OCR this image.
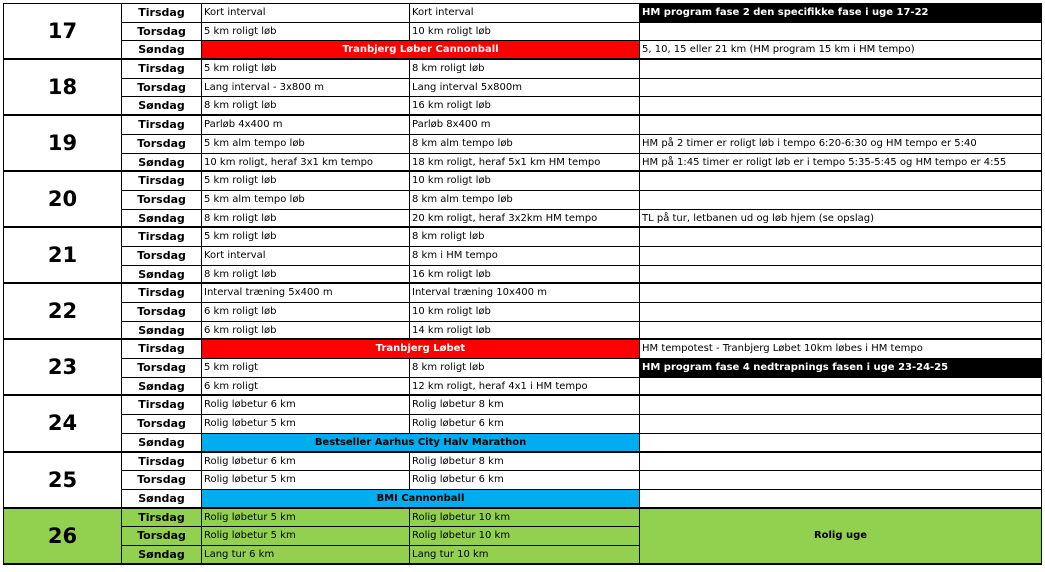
17
Tirsdag	Kort interval	Kort interval	HM program fase 2 den specifikke fase i uge 17-22
Torsdag	5 km roligt løb	10 km roligt løb
Søndag	Tranbjerg Løber Cannonball	5, 10, 15 eller 21 km (HM program 15 km i HM tempo)
18
Tirsdag	5 km roligt løb	8 km roligt løb
Torsdag	Lang interval - 3x800 m	Lang interval 5x800m
Søndag	8 km roligt løb	16 km roligt løb
19
Tirsdag	Parløb 4x400 m	Parløb 8x400 m
Torsdag	5 km alm tempo løb	8 km alm tempo løb	HM på 2 timer er roligt løb i tempo 6:20-6:30 og HM tempo er 5:40
Søndag	10 km roligt, heraf 3x1 km tempo	18 km roligt, heraf 5x1 km HM tempo	HM på 1:45 timer er roligt løb er i tempo 5:35-5:45 og HM tempo er 4:55
20
Tirsdag	5 km roligt løb	10 km roligt løb
Torsdag	5 km alm tempo løb	8 km alm tempo løb
Søndag	8 km roligt løb	20 km roligt, heraf 3x2km HM tempo	TL på tur, letbanen ud og løb hjem (se opslag)
21
Tirsdag	5 km roligt løb	8 km roligt løb
Torsdag	Kort interval	8 km i HM tempo
Søndag	8 km roligt løb	16 km roligt løb
22
Tirsdag	Interval træning 5x400 m	Interval træning 10x400 m
Torsdag	6 km roligt løb	10 km roligt løb
Søndag	6 km roligt løb	14 km roligt løb
23
Tirsdag	Tranbjerg Løbet	HM tempotest - Tranbjerg Løbet 10km løbes i HM tempo
Torsdag	5 km roligt	8 km roligt løb	HM program fase 4 nedtrapnings fasen i uge 23-24-25
Søndag	6 km roligt	12 km roligt, heraf 4x1 i HM tempo
24
Tirsdag	Rolig løbetur 6 km	Rolig løbetur 8 km
Torsdag	Rolig løbetur 5 km	Rolig løbetur 6 km
Søndag	Bestseller Aarhus City Halv Marathon
25
Tirsdag	Rolig løbetur 6 km	Rolig løbetur 8 km
Torsdag	Rolig løbetur 5 km	Rolig løbetur 6 km
Søndag	BMI Cannonball
26
Tirsdag	Rolig løbetur 5 km	Rolig løbetur 10 km
Torsdag	Rolig løbetur 5 km	Rolig løbetur 10 km
Søndag	Lang tur 6 km	Lang tur 10 km
Rolig uge
